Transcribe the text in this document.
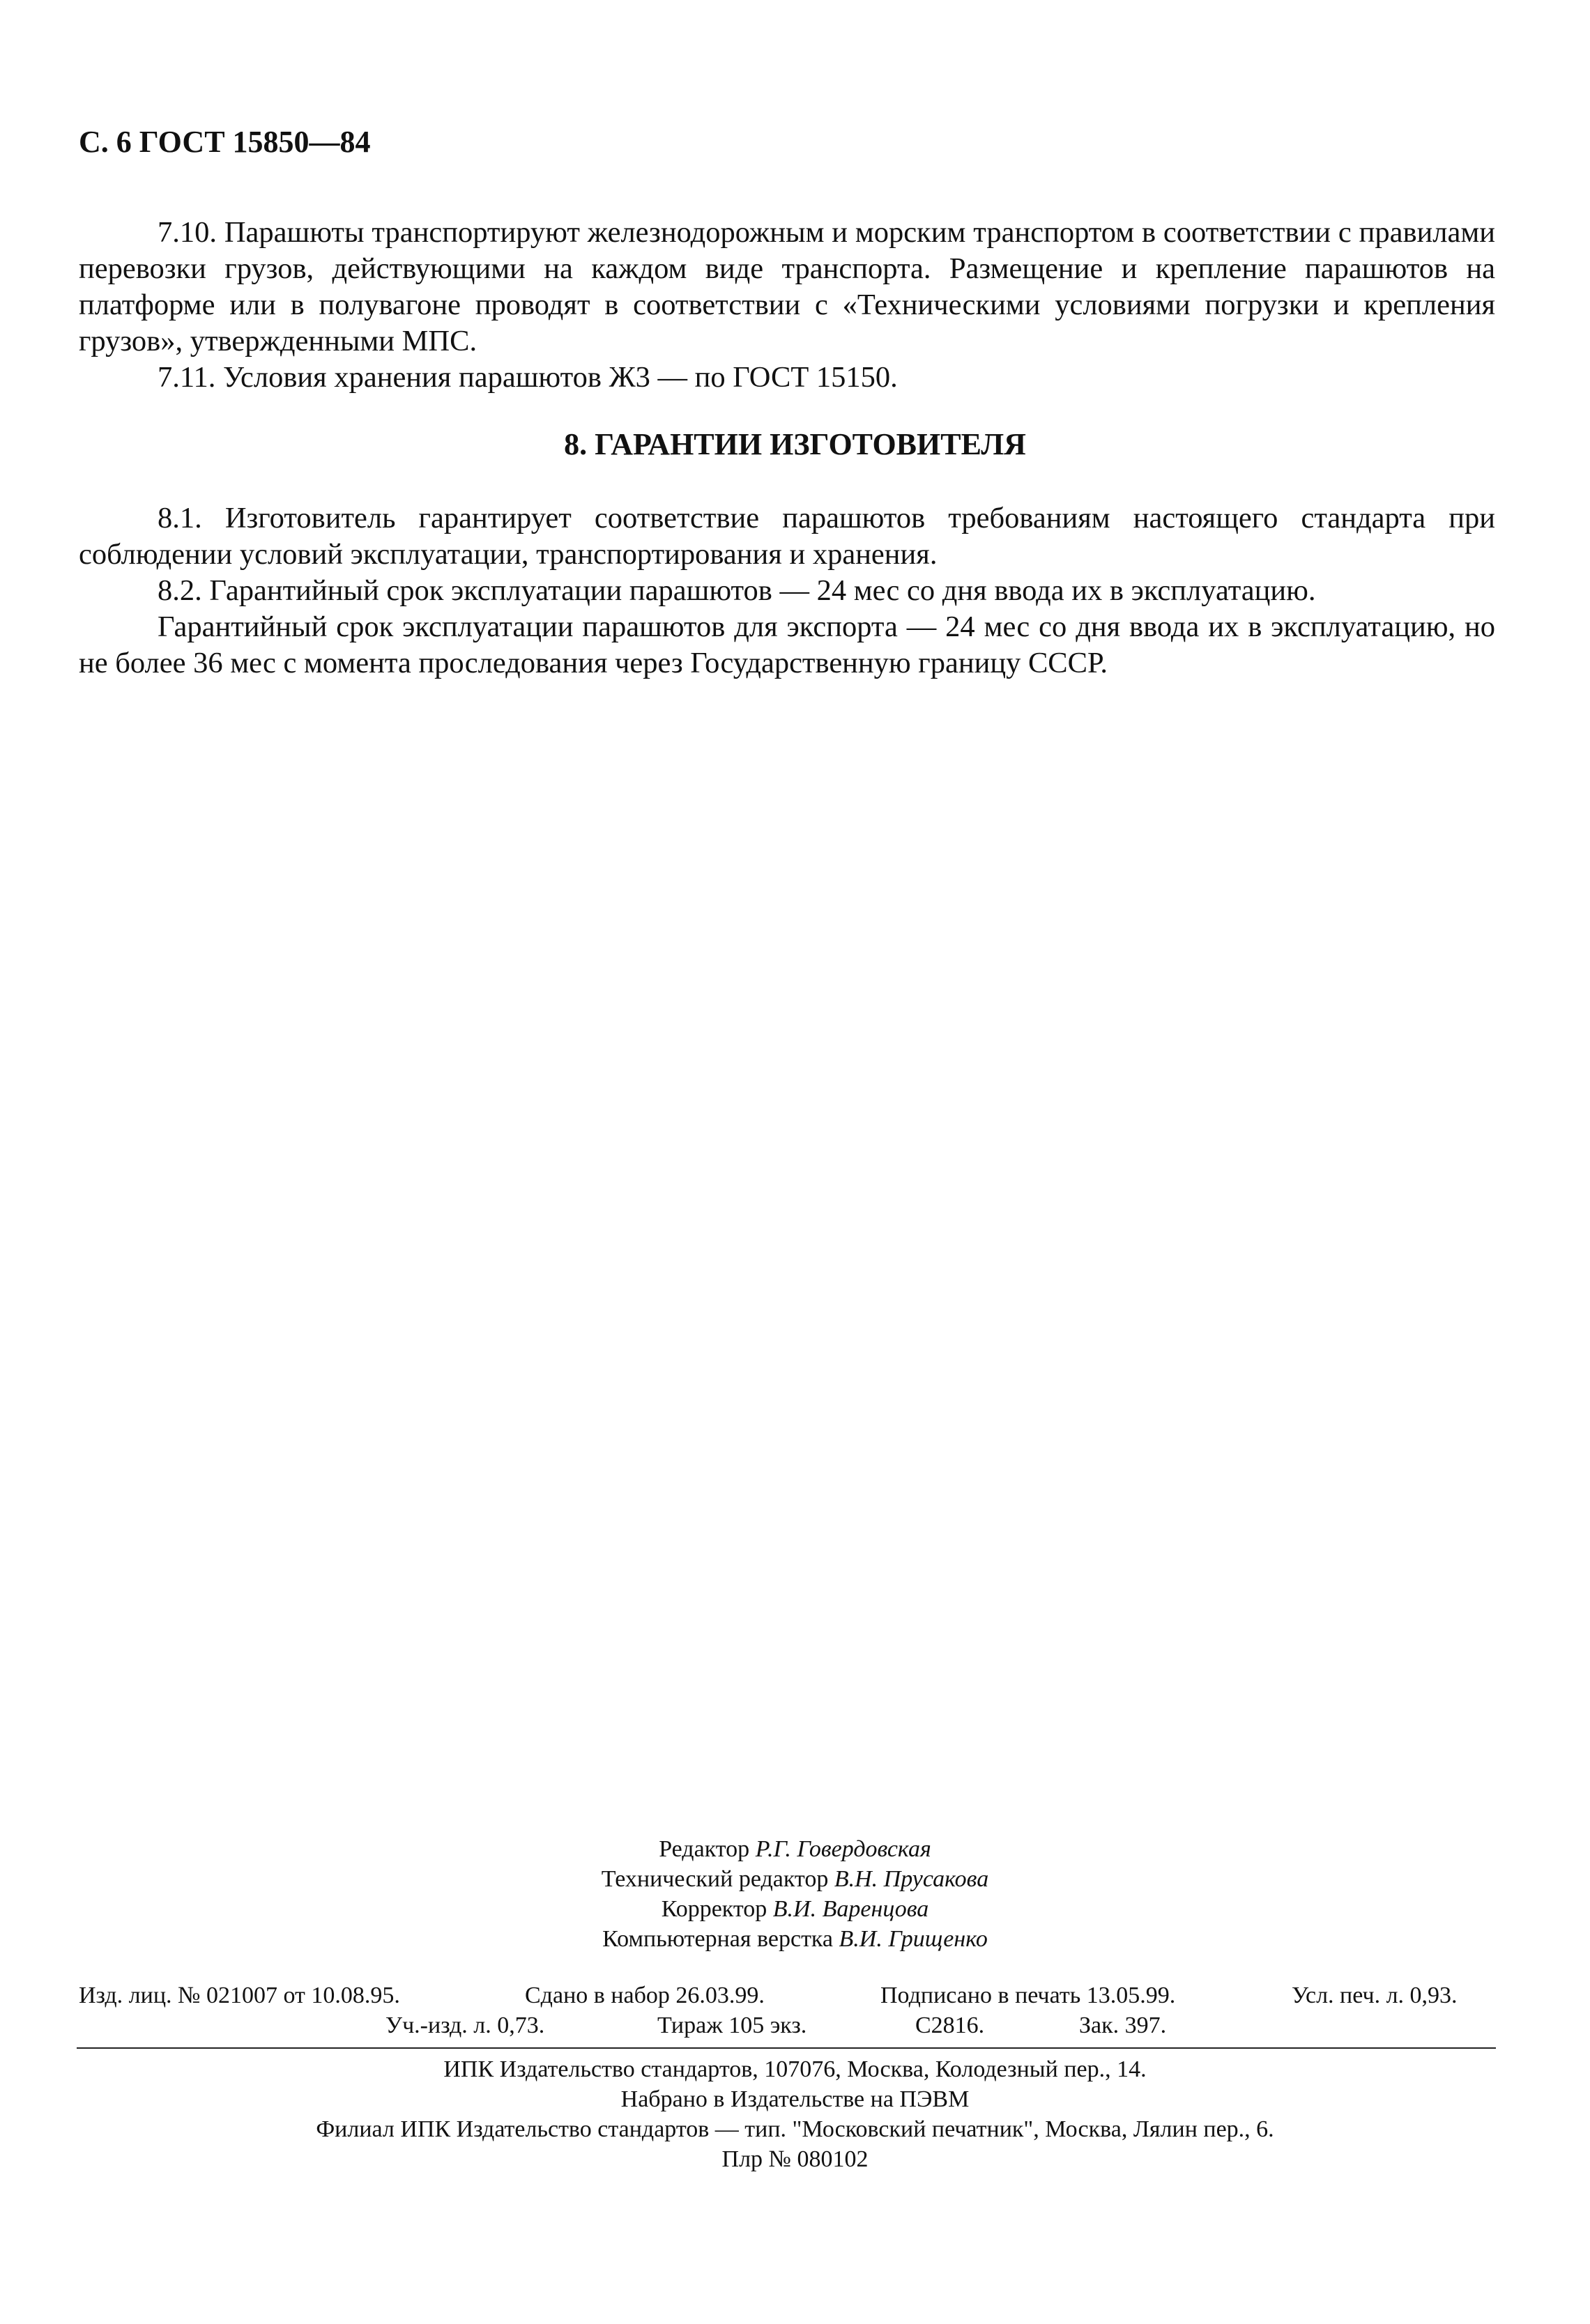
С. 6 ГОСТ 15850—84

7.10. Парашюты транспортируют железнодорожным и морским транспортом в соответствии с правилами перевозки грузов, действующими на каждом виде транспорта. Размещение и крепление парашютов на платформе или в полувагоне проводят в соответствии с «Техническими условиями погрузки и крепления грузов», утвержденными МПС.

7.11. Условия хранения парашютов Ж3 — по ГОСТ 15150.

8. ГАРАНТИИ ИЗГОТОВИТЕЛЯ

8.1. Изготовитель гарантирует соответствие парашютов требованиям настоящего стандарта при соблюдении условий эксплуатации, транспортирования и хранения.

8.2. Гарантийный срок эксплуатации парашютов — 24 мес со дня ввода их в эксплуатацию.

Гарантийный срок эксплуатации парашютов для экспорта — 24 мес со дня ввода их в эксплуатацию, но не более 36 мес с момента проследования через Государственную границу СССР.

Редактор Р.Г. Говердовская
Технический редактор В.Н. Прусакова
Корректор В.И. Варенцова
Компьютерная верстка В.И. Грищенко
Изд. лиц. № 021007 от 10.08.95.	Сдано в набор 26.03.99.	Подписано в печать 13.05.99.	Усл. печ. л. 0,93.
Уч.-изд. л. 0,73.	Тираж 105 экз.	С2816.	Зак. 397.
ИПК Издательство стандартов, 107076, Москва, Колодезный пер., 14.
Набрано в Издательстве на ПЭВМ
Филиал ИПК Издательство стандартов — тип. "Московский печатник", Москва, Лялин пер., 6.
Плр № 080102
